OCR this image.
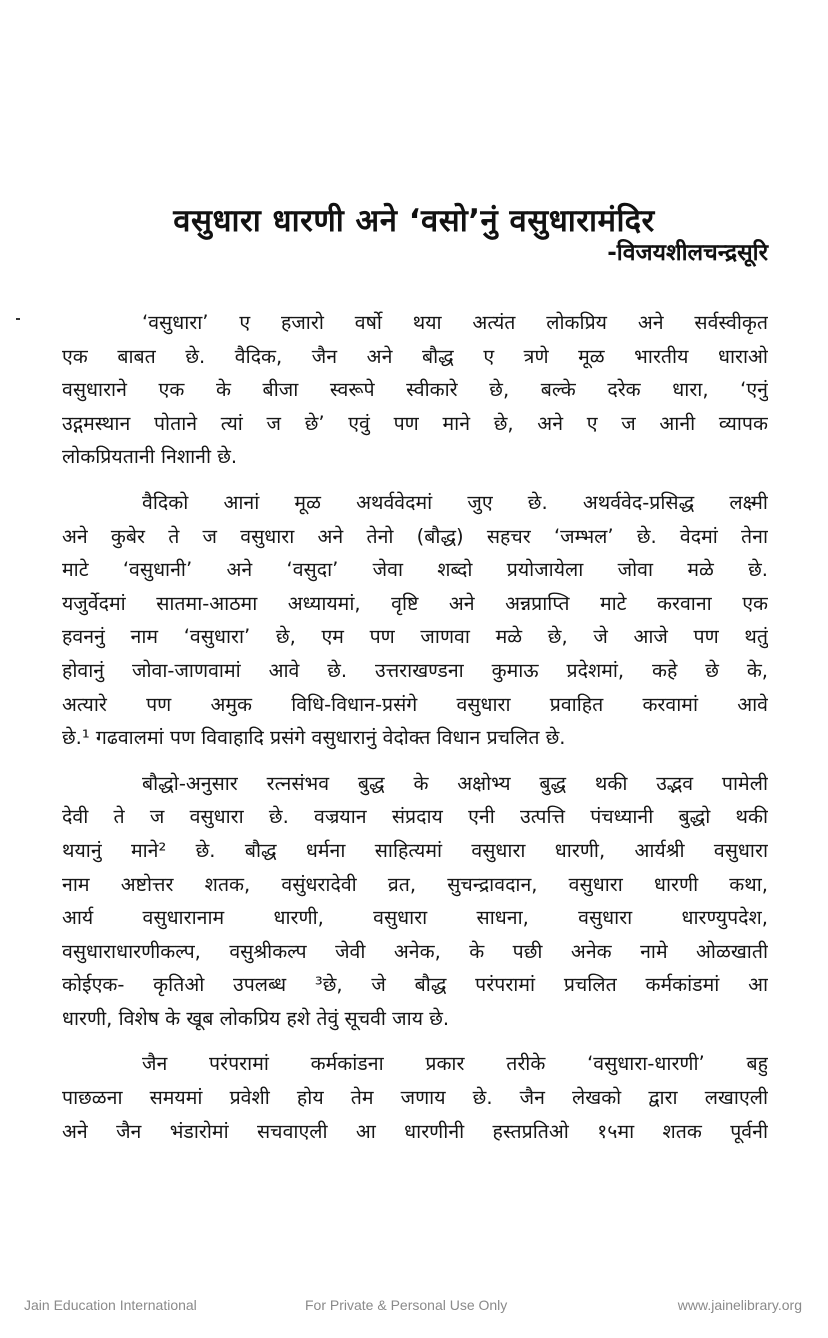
वसुधारा धारणी अने ‘वसो’नुं वसुधारामंदिर
-विजयशीलचन्द्रसूरि
‘वसुधारा’ ए हजारो वर्षो थया अत्यंत लोकप्रिय अने सर्वस्वीकृत
एक बाबत छे. वैदिक, जैन अने बौद्ध ए त्रणे मूळ भारतीय धाराओ
वसुधाराने एक के बीजा स्वरूपे स्वीकारे छे, बल्के दरेक धारा, ‘एनुं
उद्गमस्थान पोताने त्यां ज छे’ एवुं पण माने छे, अने ए ज आनी व्यापक
लोकप्रियतानी निशानी छे.
वैदिको आनां मूळ अथर्ववेदमां जुए छे. अथर्ववेद-प्रसिद्ध लक्ष्मी
अने कुबेर ते ज वसुधारा अने तेनो (बौद्ध) सहचर ‘जम्भल’ छे. वेदमां तेना
माटे ‘वसुधानी’ अने ‘वसुदा’ जेवा शब्दो प्रयोजायेला जोवा मळे छे.
यजुर्वेदमां सातमा-आठमा अध्यायमां, वृष्टि अने अन्नप्राप्ति माटे करवाना एक
हवननुं नाम ‘वसुधारा’ छे, एम पण जाणवा मळे छे, जे आजे पण थतुं
होवानुं जोवा-जाणवामां आवे छे. उत्तराखण्डना कुमाऊ प्रदेशमां, कहे छे के,
अत्यारे पण अमुक विधि-विधान-प्रसंगे वसुधारा प्रवाहित करवामां आवे
छे.¹ गढवालमां पण विवाहादि प्रसंगे वसुधारानुं वेदोक्त विधान प्रचलित छे.
बौद्धो-अनुसार रत्नसंभव बुद्ध के अक्षोभ्य बुद्ध थकी उद्भव पामेली
देवी ते ज वसुधारा छे. वज्रयान संप्रदाय एनी उत्पत्ति पंचध्यानी बुद्धो थकी
थयानुं माने² छे. बौद्ध धर्मना साहित्यमां वसुधारा धारणी, आर्यश्री वसुधारा
नाम अष्टोत्तर शतक, वसुंधरादेवी व्रत, सुचन्द्रावदान, वसुधारा धारणी कथा,
आर्य वसुधारानाम धारणी, वसुधारा साधना, वसुधारा धारण्युपदेश,
वसुधाराधारणीकल्प, वसुश्रीकल्प जेवी अनेक, के पछी अनेक नामे ओळखाती
कोईएक- कृतिओ उपलब्ध ³छे, जे बौद्ध परंपरामां प्रचलित कर्मकांडमां आ
धारणी, विशेष के खूब लोकप्रिय हशे तेवुं सूचवी जाय छे.
जैन परंपरामां कर्मकांडना प्रकार तरीके ‘वसुधारा-धारणी’ बहु
पाछळना समयमां प्रवेशी होय तेम जणाय छे. जैन लेखको द्वारा लखाएली
अने जैन भंडारोमां सचवाएली आ धारणीनी हस्तप्रतिओ १५मा शतक पूर्वनी
Jain Education International	For Private & Personal Use Only	www.jainelibrary.org
